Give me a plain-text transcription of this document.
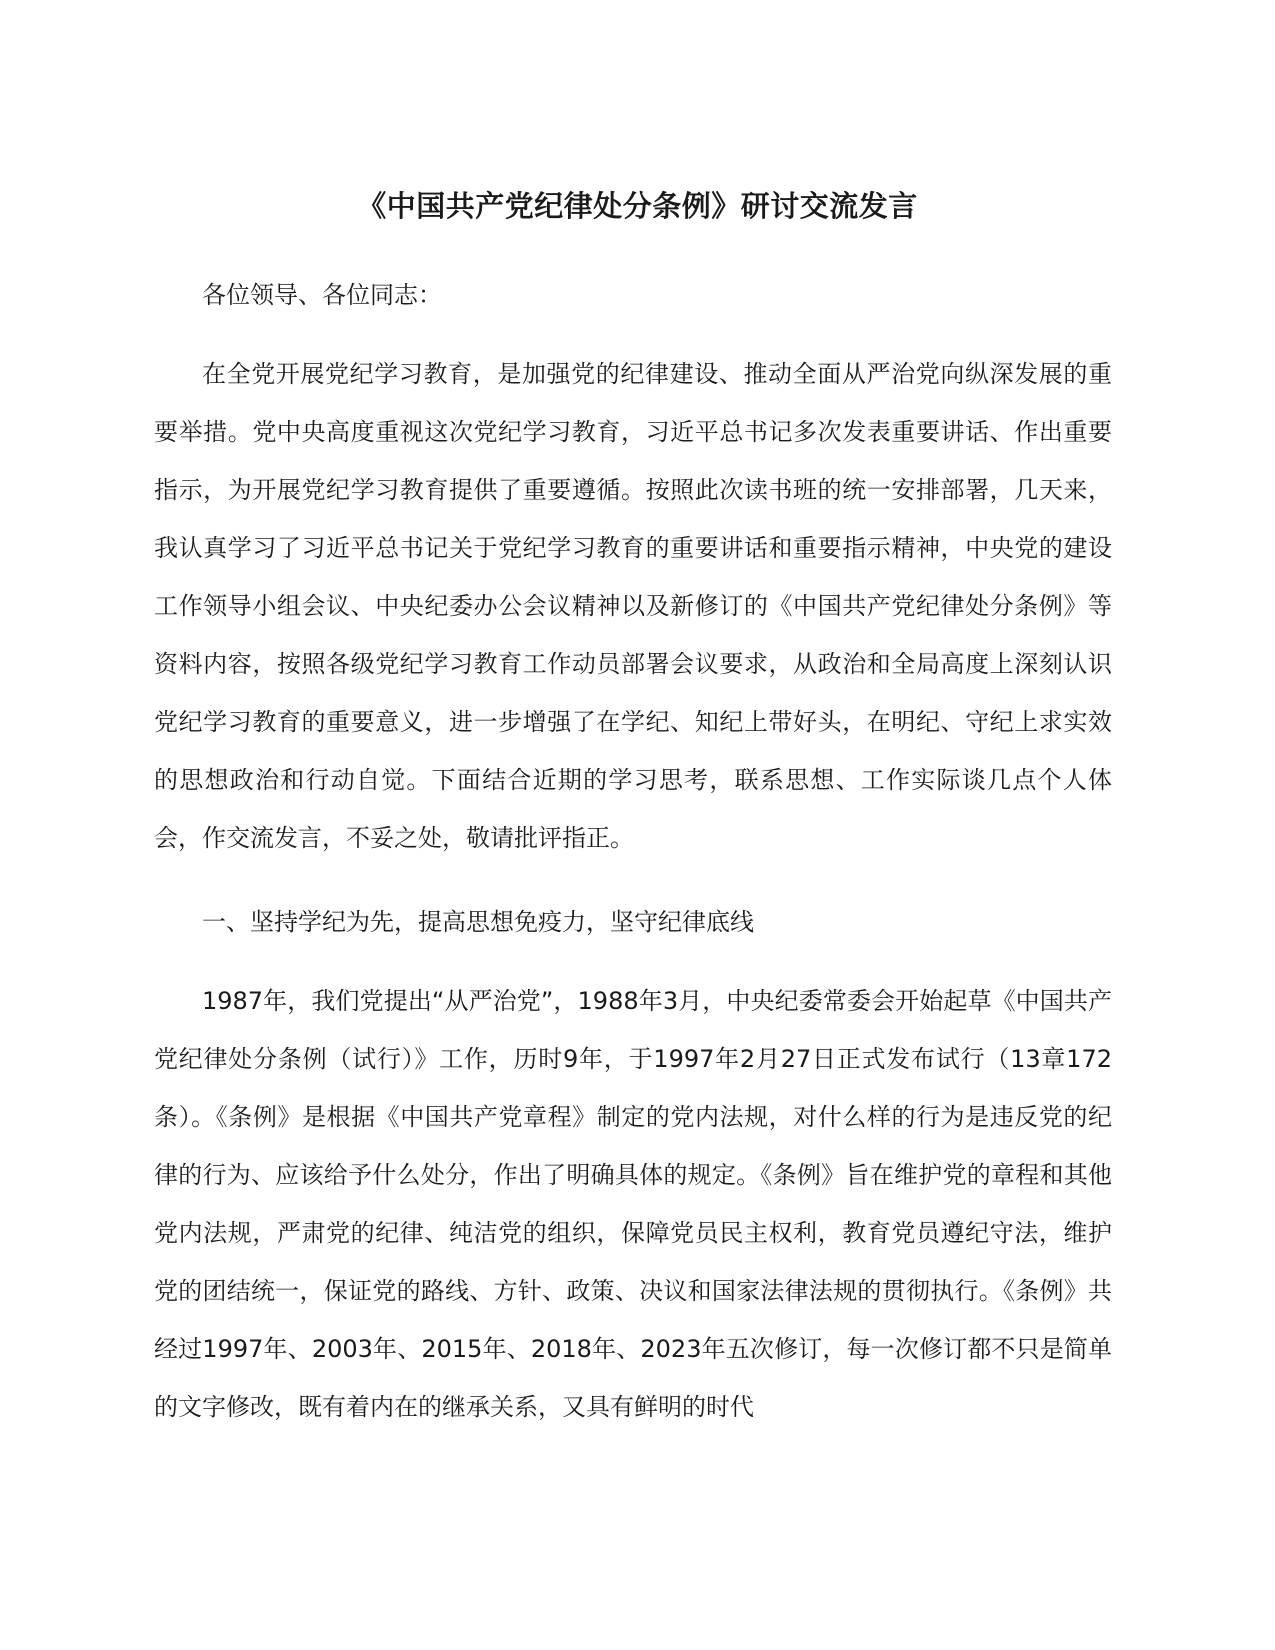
《中国共产党纪律处分条例》研讨交流发言

各位领导、各位同志：

在全党开展党纪学习教育，是加强党的纪律建设、推动全面从严治党向纵深发展的重要举措。党中央高度重视这次党纪学习教育，习近平总书记多次发表重要讲话、作出重要指示，为开展党纪学习教育提供了重要遵循。按照此次读书班的统一安排部署，几天来，我认真学习了习近平总书记关于党纪学习教育的重要讲话和重要指示精神，中央党的建设工作领导小组会议、中央纪委办公会议精神以及新修订的《中国共产党纪律处分条例》等资料内容，按照各级党纪学习教育工作动员部署会议要求，从政治和全局高度上深刻认识党纪学习教育的重要意义，进一步增强了在学纪、知纪上带好头，在明纪、守纪上求实效的思想政治和行动自觉。下面结合近期的学习思考，联系思想、工作实际谈几点个人体会，作交流发言，不妥之处，敬请批评指正。

一、坚持学纪为先，提高思想免疫力，坚守纪律底线

1987年，我们党提出“从严治党”，1988年3月，中央纪委常委会开始起草《中国共产党纪律处分条例（试行）》工作，历时9年，于1997年2月27日正式发布试行（13章172条）。《条例》是根据《中国共产党章程》制定的党内法规，对什么样的行为是违反党的纪律的行为、应该给予什么处分，作出了明确具体的规定。《条例》旨在维护党的章程和其他党内法规，严肃党的纪律、纯洁党的组织，保障党员民主权利，教育党员遵纪守法，维护党的团结统一，保证党的路线、方针、政策、决议和国家法律法规的贯彻执行。《条例》共经过1997年、2003年、2015年、2018年、2023年五次修订，每一次修订都不只是简单的文字修改，既有着内在的继承关系，又具有鲜明的时代
